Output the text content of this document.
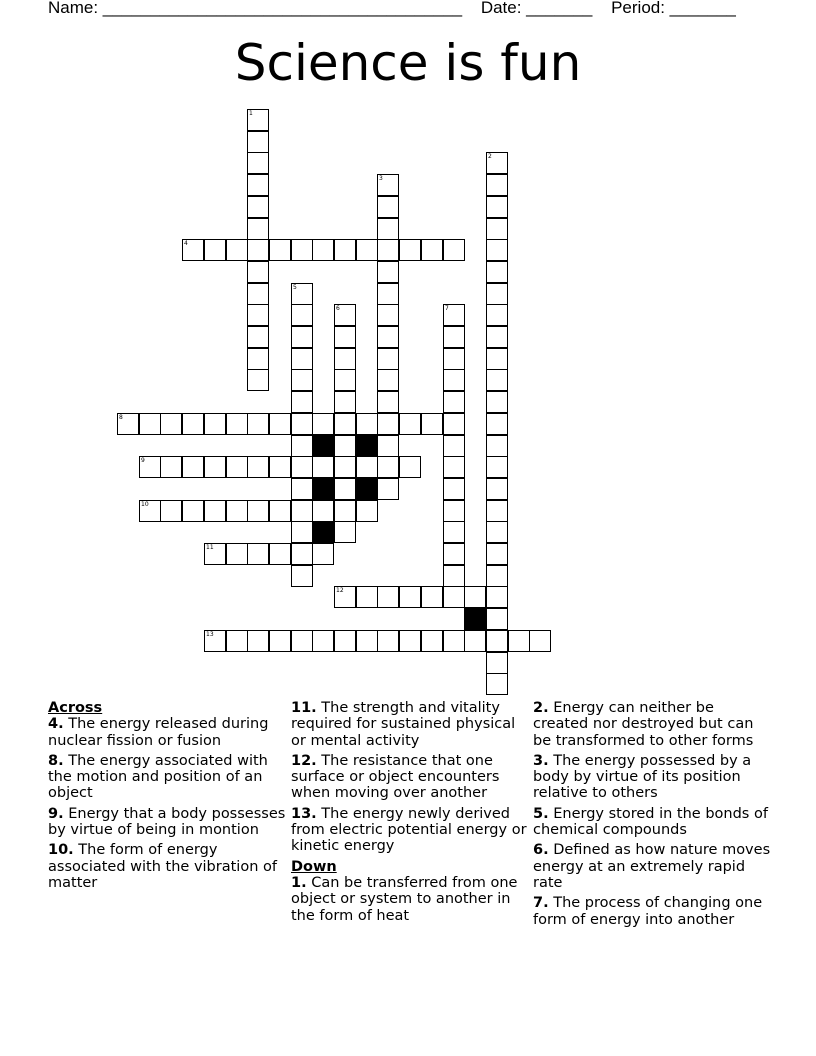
Name: ______________________________________ Date: _______ Period: _______
Science is fun
1
2
3
4
5
6	7
8
9
10
11
12
13
Across
4. The energy released during nuclear fission or fusion
8. The energy associated with the motion and position of an object
9. Energy that a body possesses by virtue of being in montion
10. The form of energy associated with the vibration of matter
11. The strength and vitality required for sustained physical or mental activity
12. The resistance that one surface or object encounters when moving over another
13. The energy newly derived from electric potential energy or kinetic energy
Down
1. Can be transferred from one object or system to another in the form of heat
2. Energy can neither be created nor destroyed but can be transformed to other forms
3. The energy possessed by a body by virtue of its position relative to others
5. Energy stored in the bonds of chemical compounds
6. Defined as how nature moves energy at an extremely rapid rate
7. The process of changing one form of energy into another
